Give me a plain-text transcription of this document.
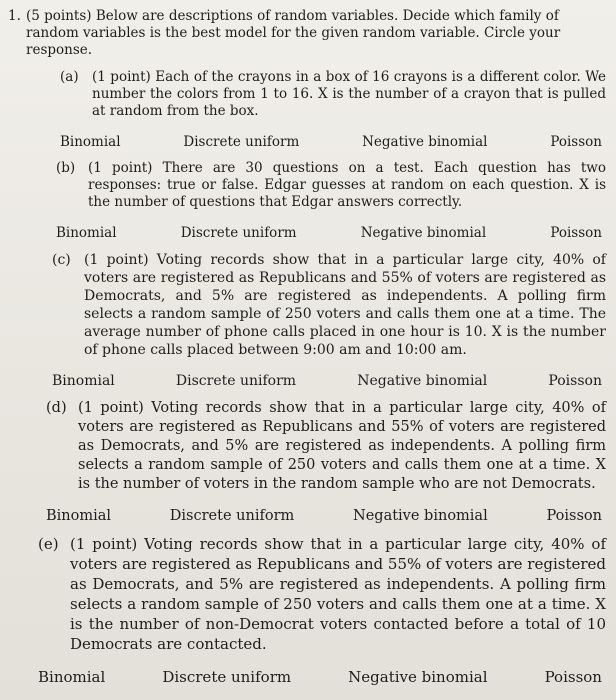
1. (5 points) Below are descriptions of random variables. Decide which family of random variables is the best model for the given random variable. Circle your response.
(a) (1 point) Each of the crayons in a box of 16 crayons is a different color. We number the colors from 1 to 16. X is the number of a crayon that is pulled at random from the box.
Binomial	Discrete uniform	Negative binomial	Poisson
(b) (1 point) There are 30 questions on a test. Each question has two responses: true or false. Edgar guesses at random on each question. X is the number of questions that Edgar answers correctly.
Binomial	Discrete uniform	Negative binomial	Poisson
(c) (1 point) Voting records show that in a particular large city, 40% of voters are registered as Republicans and 55% of voters are registered as Democrats, and 5% are registered as independents. A polling firm selects a random sample of 250 voters and calls them one at a time. The average number of phone calls placed in one hour is 10. X is the number of phone calls placed between 9:00 am and 10:00 am.
Binomial	Discrete uniform	Negative binomial	Poisson
(d) (1 point) Voting records show that in a particular large city, 40% of voters are registered as Republicans and 55% of voters are registered as Democrats, and 5% are registered as independents. A polling firm selects a random sample of 250 voters and calls them one at a time. X is the number of voters in the random sample who are not Democrats.
Binomial	Discrete uniform	Negative binomial	Poisson
(e) (1 point) Voting records show that in a particular large city, 40% of voters are registered as Republicans and 55% of voters are registered as Democrats, and 5% are registered as independents. A polling firm selects a random sample of 250 voters and calls them one at a time. X is the number of non-Democrat voters contacted before a total of 10 Democrats are contacted.
Binomial	Discrete uniform	Negative binomial	Poisson
